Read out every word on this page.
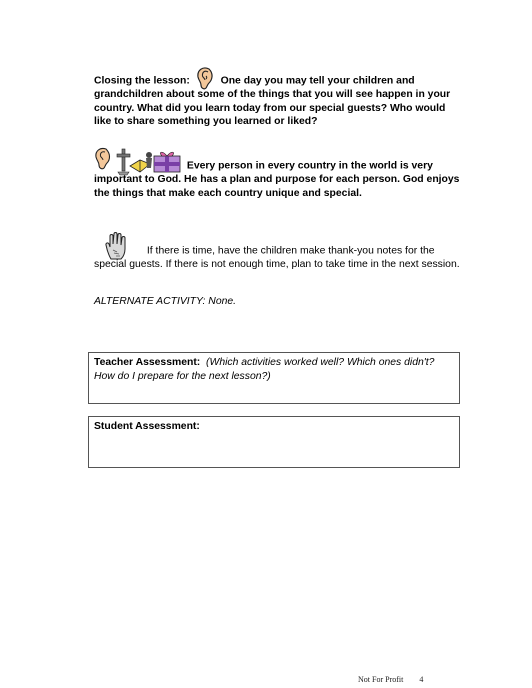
Closing the lesson:	One day you may tell your children and grandchildren about some of the things that you will see happen in your country. What did you learn today from our special guests? Who would like to share something you learned or liked?
Every person in every country in the world is very important to God. He has a plan and purpose for each person. God enjoys the things that make each country unique and special.
If there is time, have the children make thank-you notes for the special guests. If there is not enough time, plan to take time in the next session.
ALTERNATE ACTIVITY: None.
Teacher Assessment: (Which activities worked well? Which ones didn't? How do I prepare for the next lesson?)
Student Assessment:
Not For Profit 4
